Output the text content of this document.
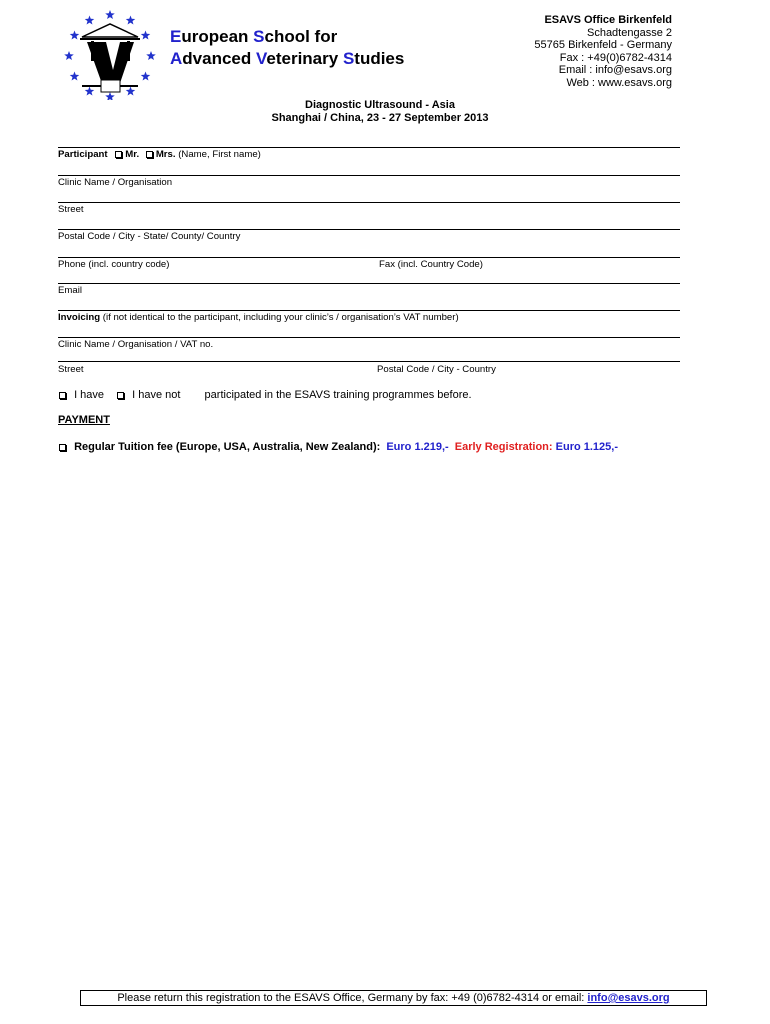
European School for
Advanced Veterinary Studies
ESAVS Office Birkenfeld
Schadtengasse 2
55765 Birkenfeld - Germany
Fax : +49(0)6782-4314
Email : info@esavs.org
Web : www.esavs.org
Diagnostic Ultrasound - Asia
Shanghai / China, 23 - 27 September 2013
Participant Mr. Mrs. (Name, First name)
Clinic Name / Organisation
Street
Postal Code / City - State/ County/ Country
Phone (incl. country code)	Fax (incl. Country Code)
Email
Invoicing (if not identical to the participant, including your clinic’s / organisation’s VAT number)
Clinic Name / Organisation / VAT no.
Street	Postal Code / City - Country
I have	I have not participated in the ESAVS training programmes before.
PAYMENT
Regular Tuition fee (Europe, USA, Australia, New Zealand): Euro 1.219,- Early Registration: Euro 1.125,-
Please return this registration to the ESAVS Office, Germany by fax: +49 (0)6782-4314 or email: info@esavs.org
